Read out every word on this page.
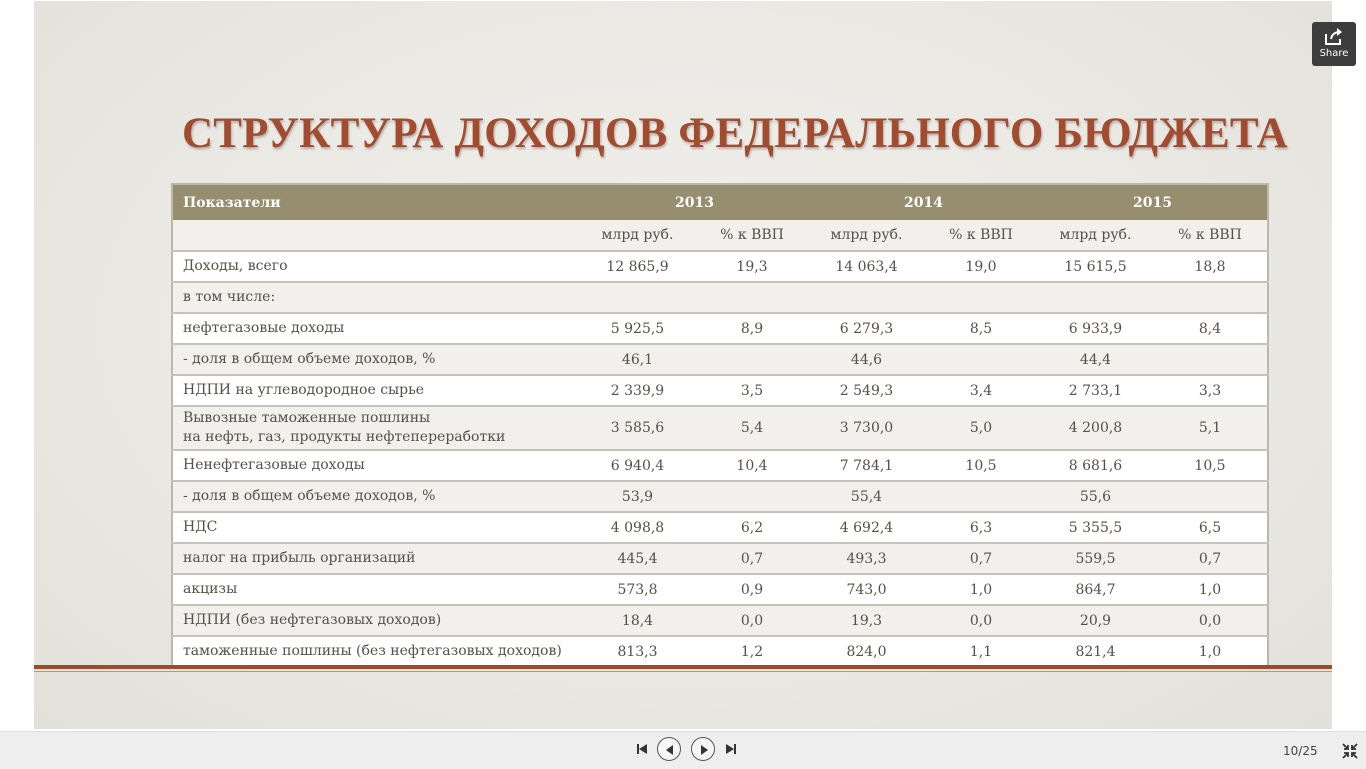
СТРУКТУРА ДОХОДОВ ФЕДЕРАЛЬНОГО БЮДЖЕТА
Показатели	2013		2014		2015	
	млрд руб.	% к ВВП	млрд руб.	% к ВВП	млрд руб.	% к ВВП
Доходы, всего	12 865,9	19,3	14 063,4	19,0	15 615,5	18,8
в том числе:						
нефтегазовые доходы	5 925,5	8,9	6 279,3	8,5	6 933,9	8,4
- доля в общем объеме доходов, %	46,1		44,6		44,4	
НДПИ на углеводородное сырье	2 339,9	3,5	2 549,3	3,4	2 733,1	3,3
Вывозные таможенные пошлины
на нефть, газ, продукты нефтепереработки	3 585,6	5,4	3 730,0	5,0	4 200,8	5,1
Ненефтегазовые доходы	6 940,4	10,4	7 784,1	10,5	8 681,6	10,5
- доля в общем объеме доходов, %	53,9		55,4		55,6	
НДС	4 098,8	6,2	4 692,4	6,3	5 355,5	6,5
налог на прибыль организаций	445,4	0,7	493,3	0,7	559,5	0,7
акцизы	573,8	0,9	743,0	1,0	864,7	1,0
НДПИ (без нефтегазовых доходов)	18,4	0,0	19,3	0,0	20,9	0,0
таможенные пошлины (без нефтегазовых доходов)	813,3	1,2	824,0	1,1	821,4	1,0
Share
10/25
